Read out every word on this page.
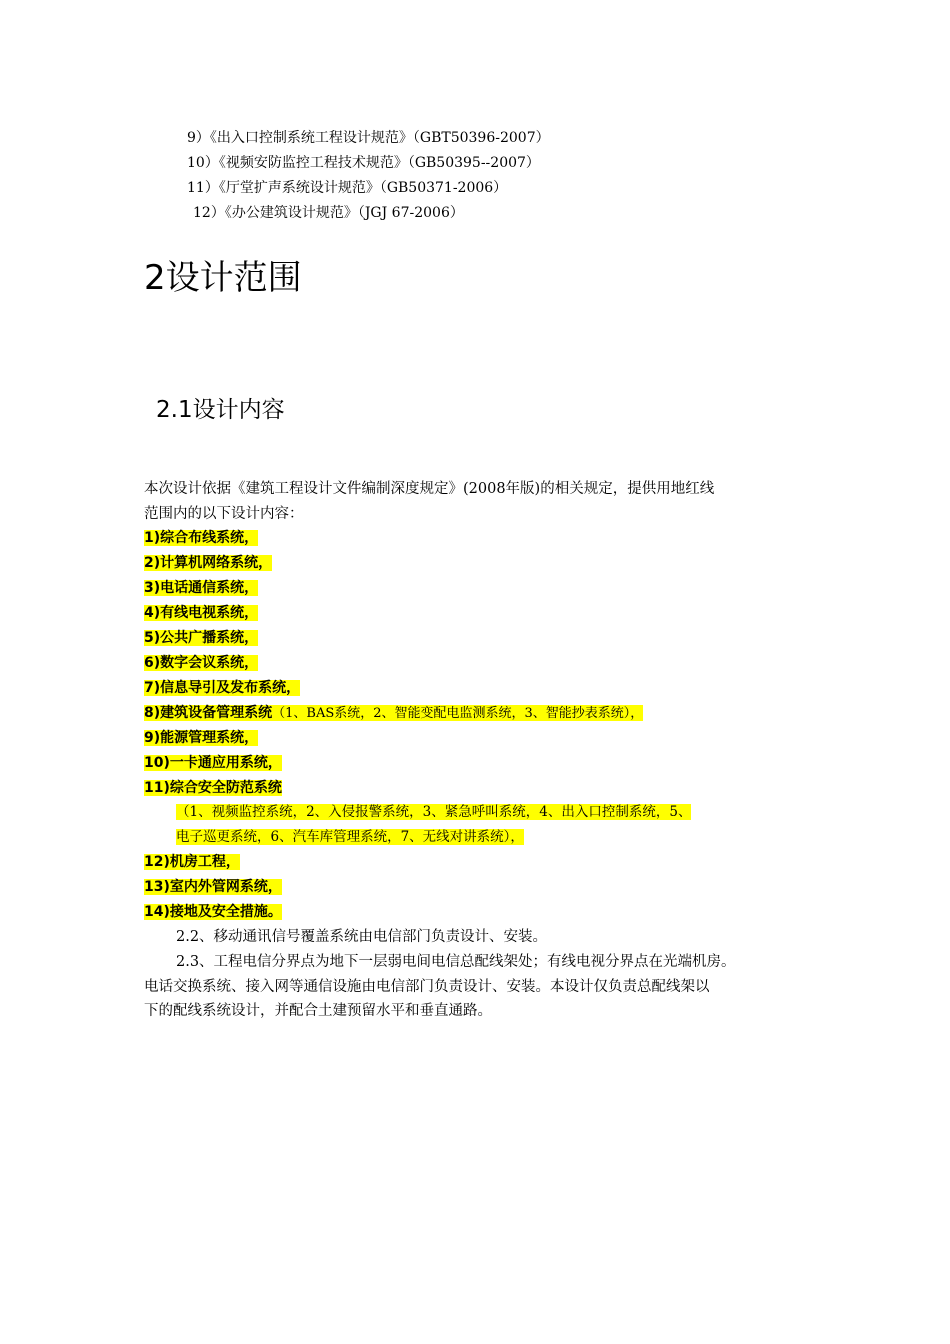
9）《出入口控制系统工程设计规范》（GBT50396-2007）
10）《视频安防监控工程技术规范》（GB50395--2007）
11）《厅堂扩声系统设计规范》（GB50371-2006）
12）《办公建筑设计规范》（JGJ 67-2006）
2设计范围
2.1设计内容
本次设计依据《建筑工程设计文件编制深度规定》(2008年版)的相关规定，提供用地红线
范围内的以下设计内容：
1)综合布线系统，
2)计算机网络系统，
3)电话通信系统，
4)有线电视系统，
5)公共广播系统，
6)数字会议系统，
7)信息导引及发布系统，
8)建筑设备管理系统（1、BAS系统，2、智能变配电监测系统，3、智能抄表系统），
9)能源管理系统，
10)一卡通应用系统，
11)综合安全防范系统
（1、视频监控系统，2、入侵报警系统，3、紧急呼叫系统，4、出入口控制系统，5、
电子巡更系统，6、汽车库管理系统，7、无线对讲系统），
12)机房工程，
13)室内外管网系统，
14)接地及安全措施。
2.2、移动通讯信号覆盖系统由电信部门负责设计、安装。
2.3、工程电信分界点为地下一层弱电间电信总配线架处；有线电视分界点在光端机房。
电话交换系统、接入网等通信设施由电信部门负责设计、安装。本设计仅负责总配线架以
下的配线系统设计，并配合土建预留水平和垂直通路。
